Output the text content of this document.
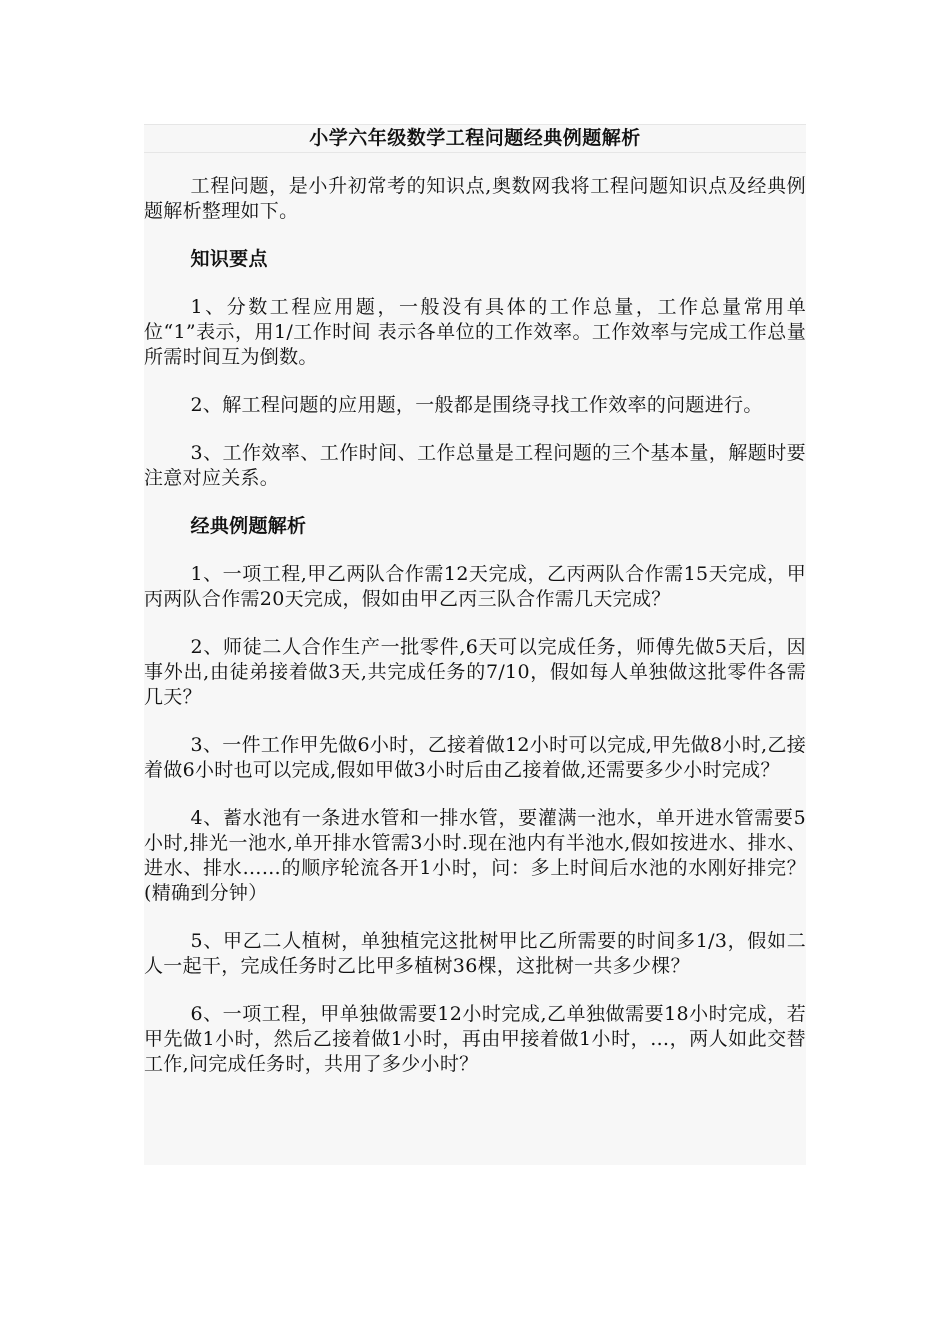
小学六年级数学工程问题经典例题解析

工程问题，是小升初常考的知识点,奥数网我将工程问题知识点及经典例题解析整理如下。

知识要点

1、分数工程应用题，一般没有具体的工作总量，工作总量常用单位“1”表示，用1/工作时间 表示各单位的工作效率。工作效率与完成工作总量所需时间互为倒数。

2、解工程问题的应用题，一般都是围绕寻找工作效率的问题进行。

3、工作效率、工作时间、工作总量是工程问题的三个基本量，解题时要注意对应关系。

经典例题解析

1、一项工程,甲乙两队合作需12天完成，乙丙两队合作需15天完成，甲丙两队合作需20天完成，假如由甲乙丙三队合作需几天完成？

2、师徒二人合作生产一批零件,6天可以完成任务，师傅先做5天后，因事外出,由徒弟接着做3天,共完成任务的7/10，假如每人单独做这批零件各需几天？

3、一件工作甲先做6小时，乙接着做12小时可以完成,甲先做8小时,乙接着做6小时也可以完成,假如甲做3小时后由乙接着做,还需要多少小时完成？

4、蓄水池有一条进水管和一排水管，要灌满一池水，单开进水管需要5小时,排光一池水,单开排水管需3小时.现在池内有半池水,假如按进水、排水、进水、排水……的顺序轮流各开1小时，问：多上时间后水池的水刚好排完？(精确到分钟）

5、甲乙二人植树，单独植完这批树甲比乙所需要的时间多1/3，假如二人一起干，完成任务时乙比甲多植树36棵，这批树一共多少棵？

6、一项工程，甲单独做需要12小时完成,乙单独做需要18小时完成，若甲先做1小时，然后乙接着做1小时，再由甲接着做1小时，…，两人如此交替工作,问完成任务时，共用了多少小时？
